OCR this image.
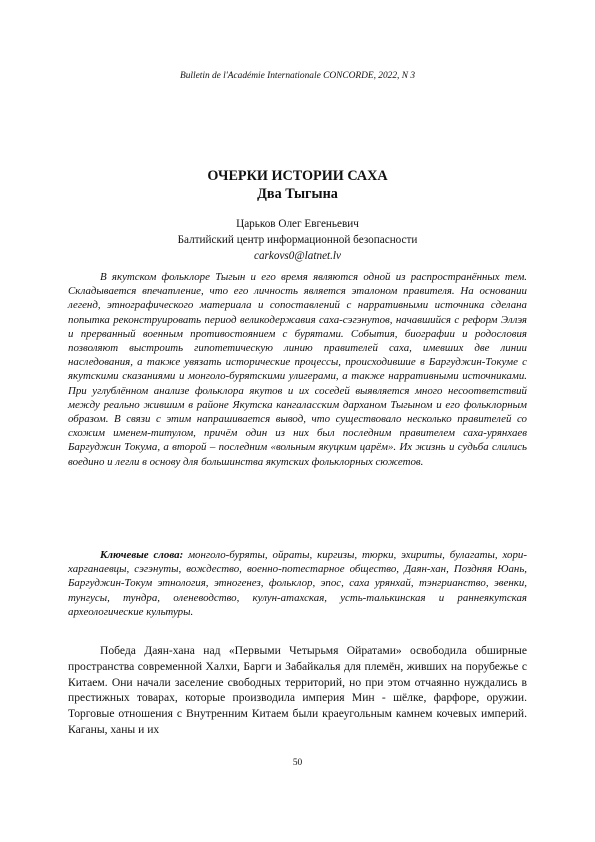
Bulletin de l'Académie Internationale CONCORDE, 2022, N 3
ОЧЕРКИ ИСТОРИИ САХА
Два Тыгына
Царьков Олег Евгеньевич
Балтийский центр информационной безопасности
carkovs0@latnet.lv

В якутском фольклоре Тыгын и его время являются одной из распространённых тем. Складывается впечатление, что его личность является эталоном правителя. На основании легенд, этнографического материала и сопоставлений с нарративными источника сделана попытка реконструировать период великодержавия саха-сэгэнутов, начавшийся с реформ Эллэя и прерванный военным противостоянием с бурятами. События, биографии и родословия позволяют выстроить гипотетическую линию правителей саха, имевших две линии наследования, а также увязать исторические процессы, происходившие в Баргуджин-Токуме с якутскими сказаниями и монголо-бурятскими улигерами, а также нарративными источниками. При углублённом анализе фольклора якутов и их соседей выявляется много несоответствий между реально жившим в районе Якутска кангаласским дарханом Тыгыном и его фольклорным образом. В связи с этим напрашивается вывод, что существовало несколько правителей со схожим именем-титулом, причём один из них был последним правителем саха-урянхаев Баргуджин Токума, а второй – последним «вольным якуцким царём». Их жизнь и судьба слились воедино и легли в основу для большинства якутских фольклорных сюжетов.

Ключевые слова: монголо-буряты, ойраты, киргизы, тюрки, эхириты, булагаты, хори-харганаевцы, сэгэнуты, вождество, военно-потестарное общество, Даян-хан, Поздняя Юань, Баргуджин-Токум этнология, этногенез, фольклор, эпос, саха урянхай, тэнгрианство, эвенки, тунгусы, тундра, оленеводство, кулун-атахская, усть-талькинская и раннеякутская археологические культуры.

Победа Даян-хана над «Первыми Четырьмя Ойратами» освободила обширные пространства современной Халхи, Барги и Забайкалья для племён, живших на порубежье с Китаем. Они начали заселение свободных территорий, но при этом отчаянно нуждались в престижных товарах, которые производила империя Мин - шёлке, фарфоре, оружии. Торговые отношения с Внутренним Китаем были краеугольным камнем кочевых империй. Каганы, ханы и их

50
